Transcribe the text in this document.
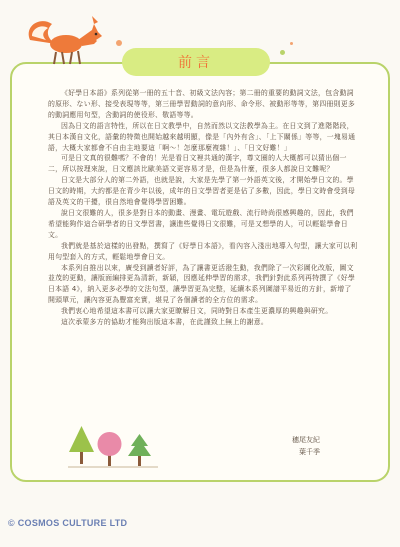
前言

《好學日本語》系列從第一冊的五十音、初級文法內容；第二冊的重要的動詞文法，包含動詞的原形、ない形、接受表現等等，第三冊學習動詞的意向形、命令形、被動形等等，第四冊則更多的動詞應用句型，含動詞的使役形、敬語等等。

因為日文的語言特性，所以在日文教學中，自然而然以文法教學為主。在日文到了進階階段，其日本漢自文化，語彙的特徵也開始越來越明顯，像是「內外有含」、「上下關係」等等，一塊易通語，大概大家都會不自由主地要這「啊～！怎麼那麼複雜！」、「日文好難！」

可是日文真的很難嗎？不會的！光是看日文裡共通的漢字，尊文圈的人大概都可以猜出個一二，所以按理來說，日文應該比歐美語文更容易才是，但是為什麼，很多人都說日文難呢？

日文是大部分人的第二外語，也就是說，大家是先學了第一外語英文後，才開始學日文的。學日文的時期，大約都是在青少年以後，成年的日文學習者更是佔了多數，因此，學日文時會受到母語及英文的干擾，很自然地會覺得學習困難。

說日文很難的人，很多是對日本的動畫、漫畫、電玩遊戲、流行時尚很感興趣的，因此，我們希望能夠作這合研學者的日文學習書，讓進些覺得日文很難，可是又想學的人，可以輕鬆學會日文。

我們就是基於這樣的出發點，撰寫了《好學日本語》，看內容入淺出地導入句型，讓大家可以利用句型套入的方式，輕鬆地學會日文。

本系列自推出以來，廣受到讀者好評，為了讓書更活潑生動，我們除了一次彩圖化改版，圖文並茂的更動，讓版面編排更為清新，新穎，因應延伸學習的需求，我們針對此系列再特撰了《好學日本語 4》，納入更多必學的文法句型，讓學習更為完整，延續本系列圖譜平易近的方針，新增了開頭單元，讓內容更為豐富充實，堪見了各個讀者的全方位的需求。

我們衷心地希望這本書可以讓大家更瞭解日文，同時對日本產生更濃厚的興趣與研究。

這次承蒙多方的協助才能夠出版這本書，在此謹致上無上的謝意。

穗尾友紀
葉千季
© COSMOS CULTURE LTD
